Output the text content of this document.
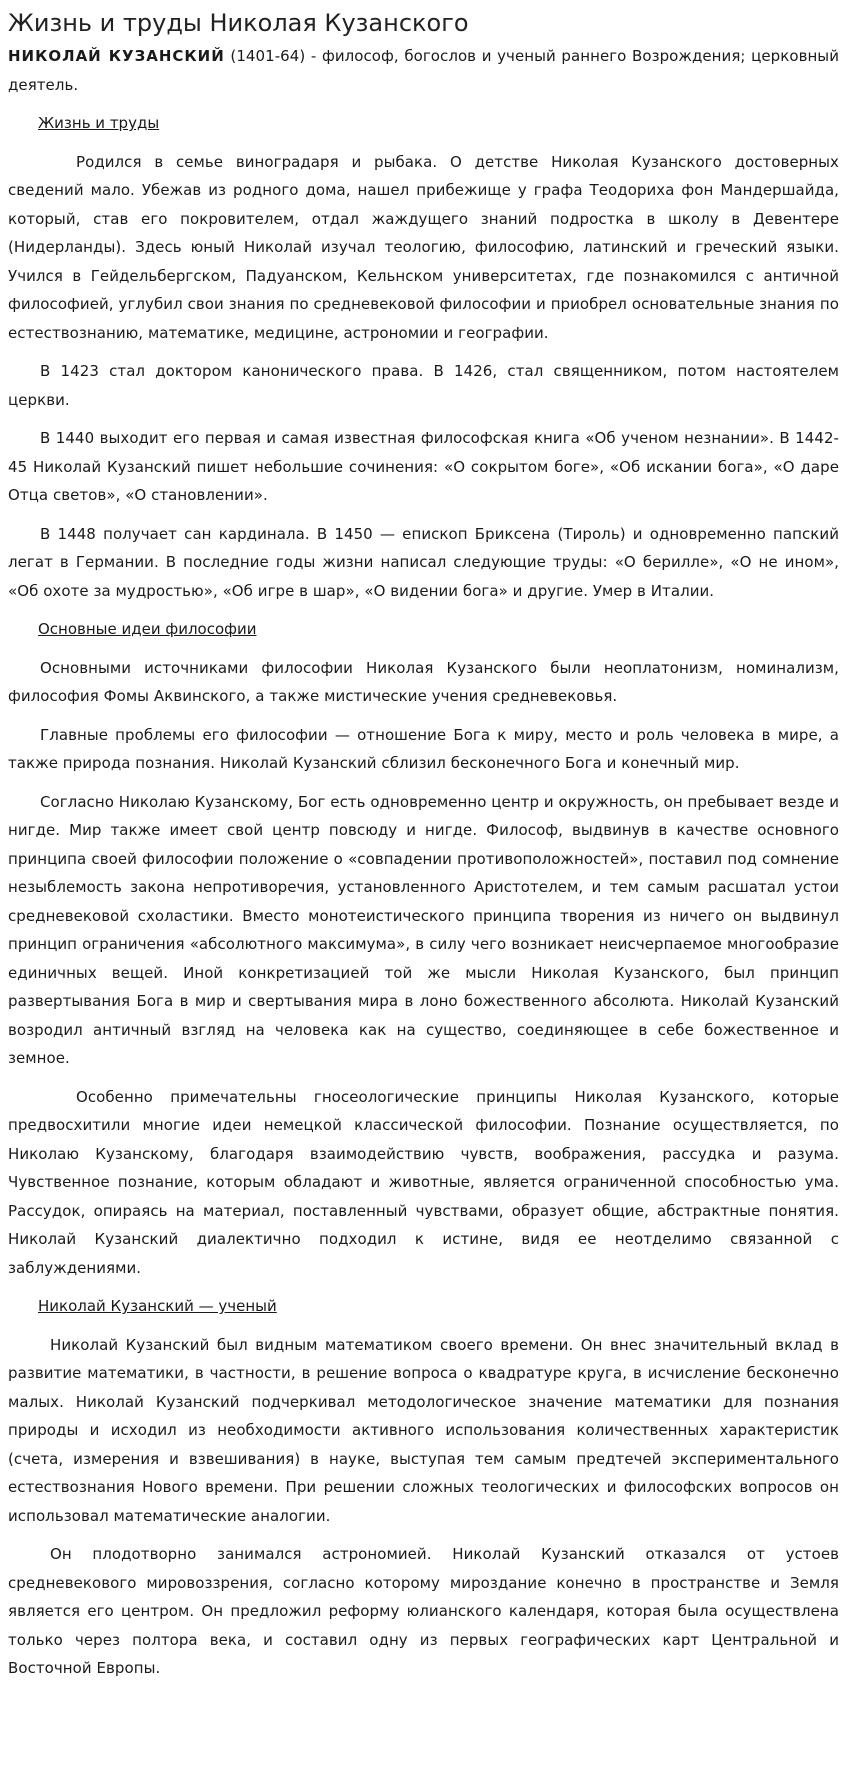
Жизнь и труды Николая Кузанского

НИКОЛАЙ КУЗАНСКИЙ (1401-64) - философ, богослов и ученый раннего Возрождения; церковный деятель.

Жизнь и труды

Родился в семье виноградаря и рыбака. О детстве Николая Кузанского достоверных сведений мало. Убежав из родного дома, нашел прибежище у графа Теодориха фон Мандершайда, который, став его покровителем, отдал жаждущего знаний подростка в школу в Девентере (Нидерланды). Здесь юный Николай изучал теологию, философию, латинский и греческий языки. Учился в Гейдельбергском, Падуанском, Кельнском университетах, где познакомился с античной философией, углубил свои знания по средневековой философии и приобрел основательные знания по естествознанию, математике, медицине, астрономии и географии.

В 1423 стал доктором канонического права. В 1426, стал священником, потом настоятелем церкви.

В 1440 выходит его первая и самая известная философская книга «Об ученом незнании». В 1442-45 Николай Кузанский пишет небольшие сочинения: «О сокрытом боге», «Об искании бога», «О даре Отца светов», «О становлении».

В 1448 получает сан кардинала. В 1450 — епископ Бриксена (Тироль) и одновременно папский легат в Германии. В последние годы жизни написал следующие труды: «О берилле», «О не ином», «Об охоте за мудростью», «Об игре в шар», «О видении бога» и другие. Умер в Италии.

Основные идеи философии

Основными источниками философии Николая Кузанского были неоплатонизм, номинализм, философия Фомы Аквинского, а также мистические учения средневековья.

Главные проблемы его философии — отношение Бога к миру, место и роль человека в мире, а также природа познания. Николай Кузанский сблизил бесконечного Бога и конечный мир.

Согласно Николаю Кузанскому, Бог есть одновременно центр и окружность, он пребывает везде и нигде. Мир также имеет свой центр повсюду и нигде. Философ, выдвинув в качестве основного принципа своей философии положение о «совпадении противоположностей», поставил под сомнение незыблемость закона непротиворечия, установленного Аристотелем, и тем самым расшатал устои средневековой схоластики. Вместо монотеистического принципа творения из ничего он выдвинул принцип ограничения «абсолютного максимума», в силу чего возникает неисчерпаемое многообразие единичных вещей. Иной конкретизацией той же мысли Николая Кузанского, был принцип развертывания Бога в мир и свертывания мира в лоно божественного абсолюта. Николай Кузанский возродил античный взгляд на человека как на существо, соединяющее в себе божественное и земное.

Особенно примечательны гносеологические принципы Николая Кузанского, которые предвосхитили многие идеи немецкой классической философии. Познание осуществляется, по Николаю Кузанскому, благодаря взаимодействию чувств, воображения, рассудка и разума. Чувственное познание, которым обладают и животные, является ограниченной способностью ума. Рассудок, опираясь на материал, поставленный чувствами, образует общие, абстрактные понятия. Николай Кузанский диалектично подходил к истине, видя ее неотделимо связанной с заблуждениями.

Николай Кузанский — ученый

Николай Кузанский был видным математиком своего времени. Он внес значительный вклад в развитие математики, в частности, в решение вопроса о квадратуре круга, в исчисление бесконечно малых. Николай Кузанский подчеркивал методологическое значение математики для познания природы и исходил из необходимости активного использования количественных характеристик (счета, измерения и взвешивания) в науке, выступая тем самым предтечей экспериментального естествознания Нового времени. При решении сложных теологических и философских вопросов он использовал математические аналогии.

Он плодотворно занимался астрономией. Николай Кузанский отказался от устоев средневекового мировоззрения, согласно которому мироздание конечно в пространстве и Земля является его центром. Он предложил реформу юлианского календаря, которая была осуществлена только через полтора века, и составил одну из первых географических карт Центральной и Восточной Европы.
